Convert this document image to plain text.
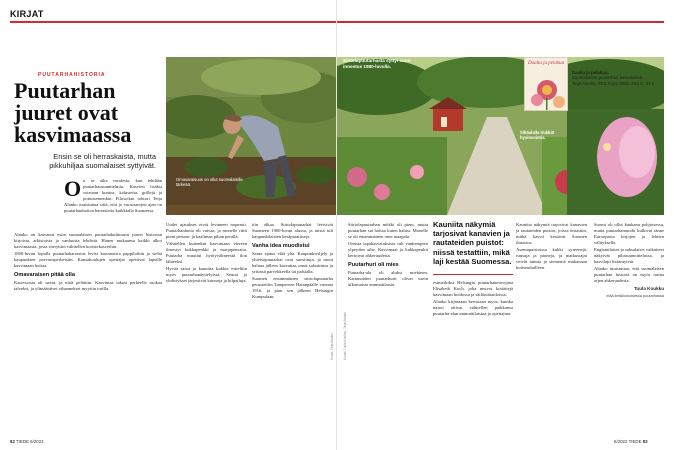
KIRJAT
PUUTARHAHISTORIA
Puutarhan juuret ovat kasvimaassa
Ensin se oli herraskaista, mutta pikkuhiljaa suomalaiset syttyivät.
Omavaraisuus on ollut suomalaisille tärkeää.

On se aika vuodesta, kun tehdään puutarhasuunnitelmia. Kasvien lisäksi ostetaan kuntoa, kalusteita, grillejä ja pottusiemenkin. Filosofian tohtori Teija Alanko muistuttaa siitä, että jo vuosisatojen ajan on puutarhanhoitoa harrastettu kaikkialla Suomessa.

Alanko on kaivanut esiin suomalaisen puutarhakulttuurin juuret historian kirjoista, arkistoista ja vanhoista lehdistä. Hänen mukaansa kaikki alkoi kasvimaasta, josta siirryttiin vähitellen koristekasveihin.

1800-luvun lopulla puutarhaharrastus levisi kartanoista pappiloihin ja sieltä kaupunkien porvarisperheisiin. Kansakoulujen opettajat opettivat lapsille kasvimaan hoitoa.

Omavaraisen pitää olla

Katovuosia oli usein, ja niitä pelättiin. Kasvimaa takasi perheelle ruokaa talveksi, ja ylimääräiset vihannekset myytiin torilla.

Uudet ajatukset eivät levinneet nopeasti. Puutarhanhoito oli vaivaa, ja monelle riitti pieni peruna- ja kaalimaa pihan perällä.

Vähitellen kuitenkin kasvimaan viereen ilmestyi kukkapenkki ja marjapensaita. Puutarha muuttui hyötyvälineestä ilon lähteeksi.

Hyvää satoa ja kauniita kukkia esiteltiin myös puutarhanäyttelyissä. Seurat ja yhdistykset järjestivät kursseja ja kilpailuja.

tiin alkaa. Siirtolapuutarhat levisivät Suomeen 1900-luvun alussa, ja niistä tuli kaupunkilaisten kesäparatiiseja.

Vanha idea muodistui

Sama ajatus elää yhä. Kaupunkiviljely ja yhteisöpuutarhat ovat suosittuja, ja moni haluaa jälleen kasvattaa omat salaattinsa ja yrttinsä parvekkeella tai palstalla.

Suomen ensimmäinen siirtolapuutarha perustettiin Tampereen Hatanpäälle vuonna 1916, ja pian sen jälkeen Helsingin Kumpulaan.

Kuvat: Teija Alanko
82 TIEDE 6/2022
Siirtolapuutarhasta syttyi suuri innostus 1980-luvulla.
Siltäalalla riukkiä hyvinvointia.
Daalia ja pelakuu
Daalia ja pelakuu.
Suomalaisen puutarhan kasvutarina.
Teija Alanko. SKS Kirjat 2022. 264 s., 33 e.
Kuvat: Tuula Koukku, Teija Alanko

Siirtolapuutarhan mökki oli pieni, mutta puutarhan sai hoitaa kuten halusi. Monelle se oli ensimmäinen oma maapala.

Omista tapakasvatuksista tuli vanhempien ylpeyden aihe. Kasvimaat ja kukkapenkit kertoivat ahkeruudesta.

Puutarhuri oli mies

Puutarha-ala oli aluksi miehinen. Kartanoiden puutarhurit olivat usein ulkomaisia ammattilaisia.

Kauniita näkymiä tarjosivat kanavien ja rautateiden puistot: niissä testattiin, mikä laji kestää Suomessa.

esimerkiksi Helsingin puutarhaneuvojana Elisabeth Koch, joka neuvoi kotiäitejä kasvimaan hoidossa ja säilöntätaidoissa.

Alanko kirjassaan kerrotaan myös, kuinka naiset ottivat vähitellen paikkansa puutarha-alan ammattilaisina ja opettajina.

Kauniita näkymiä tarjosivat kanavien ja rautateiden puistot, joissa testattiin, mitkä kasvit kestävät Suomen ilmastoa.

Asemapuistoissa kukki syreenejä, ruusuja ja pioneja, ja matkustajat veivät taimia ja siemeniä mukanaan kotiseuduilleen.

Suomi oli ollut kaukana pohjoisessa, mutta puutarhamuodit kulkivat tänne Euroopasta kirjojen ja lehtien välityksellä.

Englantilaiset ja saksalaiset vaikutteet näkyivät pihasuunnittelussa, ja kasvilajit lisääntyivät.

Alanko muistuttaa, että suomalaisen puutarhan historia on myös tarina arjen ahkeruudesta.

Tuula Koukku
elää keskikokoisessa puutarhassa
6/2022 TIEDE 83
